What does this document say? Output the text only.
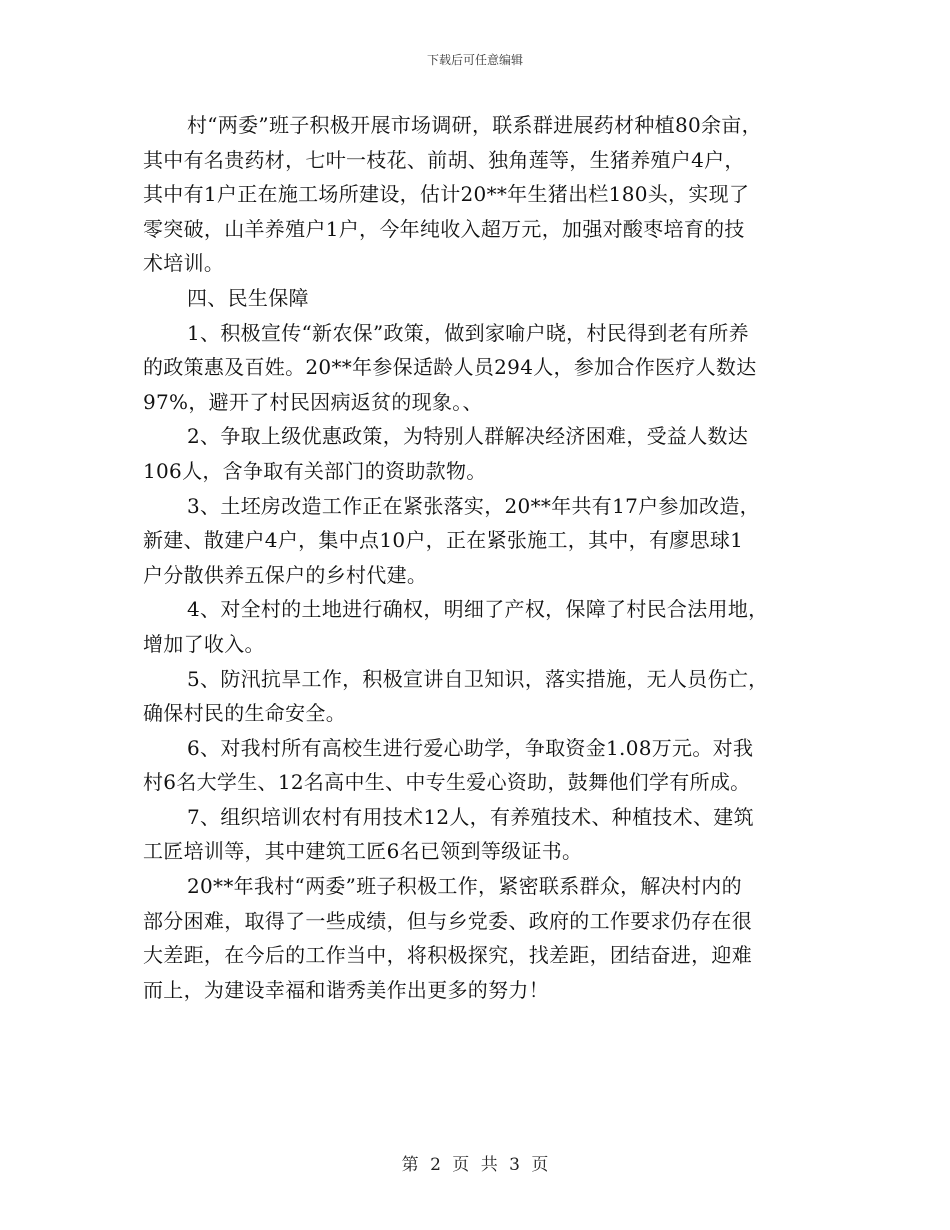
下载后可任意编辑
村“两委”班子积极开展市场调研，联系群进展药材种植80余亩，
其中有名贵药材，七叶一枝花、前胡、独角莲等，生猪养殖户4户，
其中有1户正在施工场所建设，估计20**年生猪出栏180头，实现了
零突破，山羊养殖户1户，今年纯收入超万元，加强对酸枣培育的技
术培训。
四、民生保障
1、积极宣传“新农保”政策，做到家喻户晓，村民得到老有所养
的政策惠及百姓。20**年参保适龄人员294人，参加合作医疗人数达
97%，避开了村民因病返贫的现象。、
2、争取上级优惠政策，为特别人群解决经济困难，受益人数达
106人，含争取有关部门的资助款物。
3、土坯房改造工作正在紧张落实，20**年共有17户参加改造，
新建、散建户4户，集中点10户，正在紧张施工，其中，有廖思球1
户分散供养五保户的乡村代建。
4、对全村的土地进行确权，明细了产权，保障了村民合法用地，
增加了收入。
5、防汛抗旱工作，积极宣讲自卫知识，落实措施，无人员伤亡，
确保村民的生命安全。
6、对我村所有高校生进行爱心助学，争取资金1.08万元。对我
村6名大学生、12名高中生、中专生爱心资助，鼓舞他们学有所成。
7、组织培训农村有用技术12人，有养殖技术、种植技术、建筑
工匠培训等，其中建筑工匠6名已领到等级证书。
20**年我村“两委”班子积极工作，紧密联系群众，解决村内的
部分困难，取得了一些成绩，但与乡党委、政府的工作要求仍存在很
大差距，在今后的工作当中，将积极探究，找差距，团结奋进，迎难
而上，为建设幸福和谐秀美作出更多的努力！
第 2 页 共 3 页
